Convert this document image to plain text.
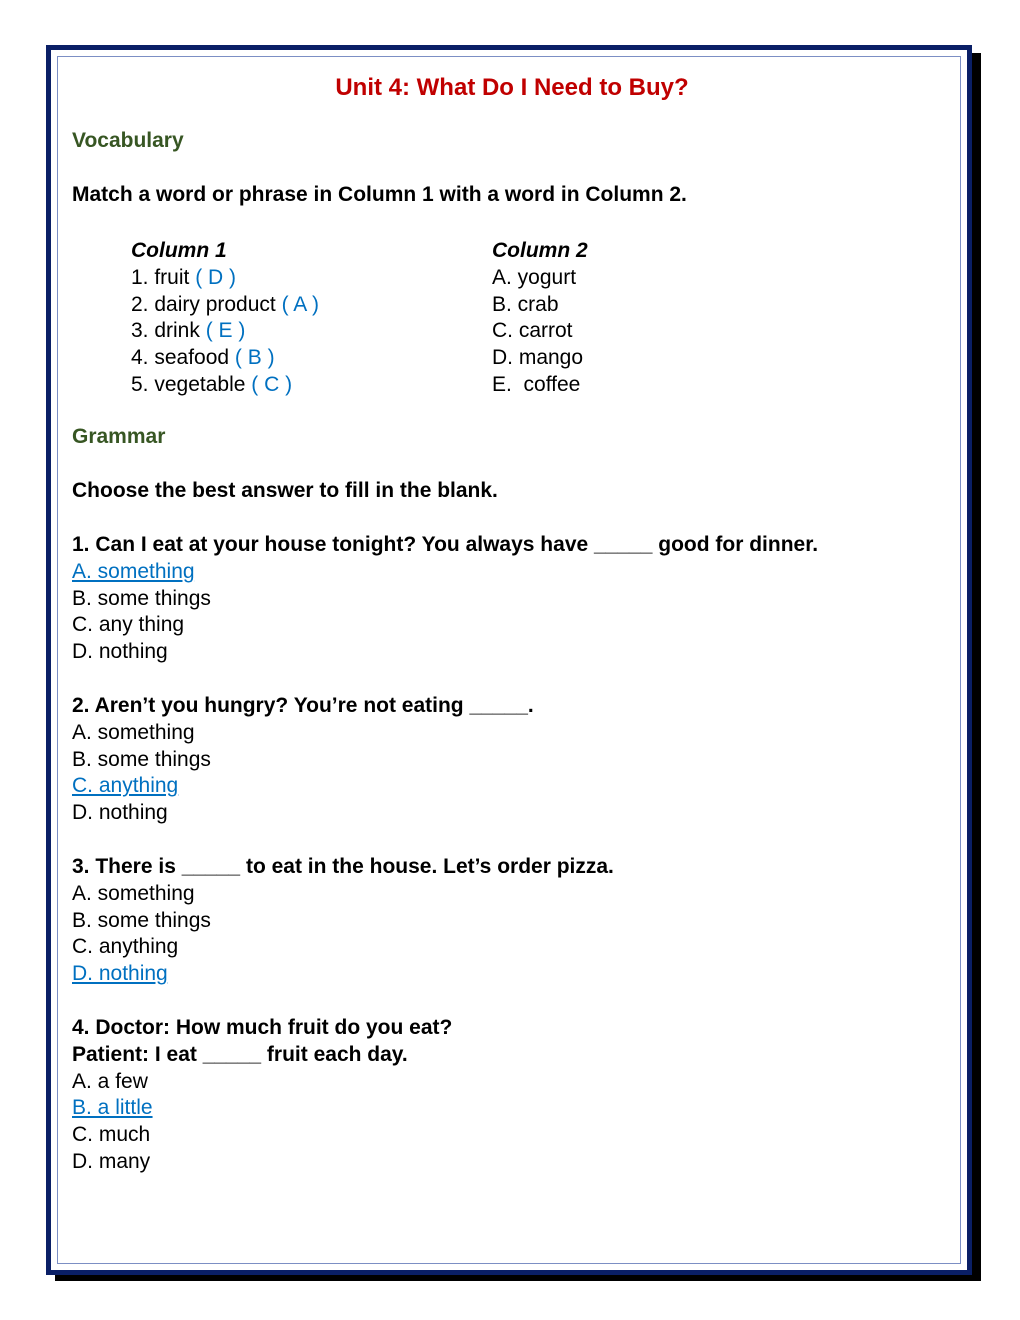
Unit 4: What Do I Need to Buy?
Vocabulary
Match a word or phrase in Column 1 with a word in Column 2.
Column 1
1. fruit ( D )
2. dairy product ( A )
3. drink ( E )
4. seafood ( B )
5. vegetable ( C )
Column 2
A. yogurt
B. crab
C. carrot
D. mango
E.  coffee
Grammar
Choose the best answer to fill in the blank.
1. Can I eat at your house tonight? You always have _____ good for dinner.
A. something
B. some things
C. any thing
D. nothing
2. Aren’t you hungry? You’re not eating _____.
A. something
B. some things
C. anything
D. nothing
3. There is _____ to eat in the house. Let’s order pizza.
A. something
B. some things
C. anything
D. nothing
4. Doctor: How much fruit do you eat?
Patient: I eat _____ fruit each day.
A. a few
B. a little
C. much
D. many
